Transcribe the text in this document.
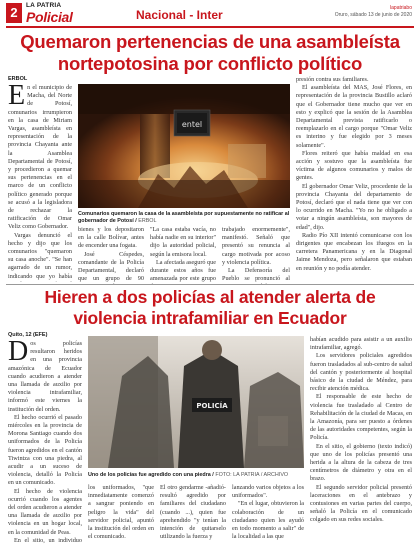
2	LA PATRIA
Policial	Nacional - Inter	lapatriabo
Oruro, sábado 13 de junio de 2020
Quemaron pertenencias de una asambleísta nortepotosina por conflicto político
ERBOL

En el municipio de Macha, del Norte de Potosí, comunarios irrumpieron en la casa de Miriam Vargas, asambleísta en representación de la provincia Chayanta ante la Asamblea Departamental de Potosí, y procedieron a quemar sus pertenencias en el marco de un conflicto político generado porque se acusó a la legisladora de rechazar la ratificación de Omar Veliz como Gobernador.

Vargas denunció el hecho y dijo que los comunarios "quemaron su casa anoche". "Se han agarrado de un rumor, indicando que yo había

entel
Comunarios quemaron la casa de la asambleísta por supuestamente no ratificar al gobernador de Potosí / ERBOL

bienes y los depositaron en la calle Bolívar, antes de encender una fogata.

José Céspedes, comandante de la Policía Departamental, declaró que un grupo de 90

"La casa estaba vacía, no había nadie en su interior" dijo la autoridad policial, según la emisora local.

La afectada aseguró que durante estos años fue amenazada por este grupo

trabajado enormemente", manifestó. Señaló que presentó su renuncia al cargo motivada por acoso y violencia política.

La Defensoría del Pueblo se pronunció al

presión contra sus familiares.

El asambleísta del MAS, José Flores, en representación de la provincia Bustillo aclaró que el Gobernador tiene mucho que ver en esto y explicó que la sesión de la Asamblea Departamental prevista ratificarlo o reemplazarlo en el cargo porque "Omar Veliz es interino y fue elegido por 3 meses solamente".

Flores reiteró que había maldad en esa acción y sostuvo que la asambleísta fue víctima de algunos comunarios y malos de gentes.

El gobernador Omar Veliz, procedente de la provincia Chayanta del departamento de Potosí, declaró que el nada tiene que ver con lo ocurrido en Macha. "Yo no he obligado a votar a ningún asambleísta, son mayores de edad", dijo.

Radio Pío XII intentó comunicarse con los dirigentes que encabezan los ifuegos en la carretera Panamericana y en la Diagonal Jaime Mendoza, pero señalaron que estaban en reunión y no podía atender.

Hieren a dos policías al atender alerta de violencia intrafamiliar en Ecuador
Quito, 12 (EFE)

Dos policías resultaron heridos en una provincia amazónica de Ecuador cuando acudieron a atender una llamada de auxilio por violencia intrafamiliar, informó este viernes la institución del orden.

El hecho ocurrió el pasado miércoles en la provincia de Morona Santiago cuando dos uniformados de la Policía fueron agredidos en el cantón Tiwintza con una piedra, al acudir a un suceso de violencia, detalló la Policía en un comunicado.

El hecho de violencia ocurrió cuando los agentes del orden acudieron a atender una llamada de auxilio por violencia en un hogar local, en la comunidad de Peas.

En el sitio, un individuo

POLICÍA
Uno de los policías fue agredido con una piedra / FOTO: LA PATRIA / ARCHIVO

los uniformados, "que inmediatamente comenzó a sangrar poniendo en peligro la vida" del servidor policial, apuntó la institución del orden en el comunicado.

El otro gendarme -añadió- resultó agredido por familiares del ciudadano (cuando ...), quien fue aprehendido "y tenían la intención de quitarselo utilizando la fuerza y

lanzando varios objetos a los uniformados".

"En el lugar, obtuvieron la colaboración de un ciudadano quien les ayudó en todo momento a salir" de la localidad a las que

habían acudido para asistir a un auxilio intrafamiliar, agregó.

Los servidores policiales agredidos fueron trasladados al sub-centro de salud del cantón y posteriormente al hospital básico de la ciudad de Méndez, para recibir atención médica.

El responsable de este hecho de violencia fue trasladado al Centro de Rehabilitación de la ciudad de Macas, en la Amazonía, para ser puesto a órdenes de las autoridades competentes, según la Policía.

En el sitio, el gobierno (texto indicó) que uno de los policías presentó una herida a la altura de la cabeza de tres centímetros de diámetro y otra en el brazo.

El segundo servidor policial presentó laceraciones en el antebrazo y contusiones en varias partes del cuerpo, señaló la Policía en el comunicado colgado en sus redes sociales.
